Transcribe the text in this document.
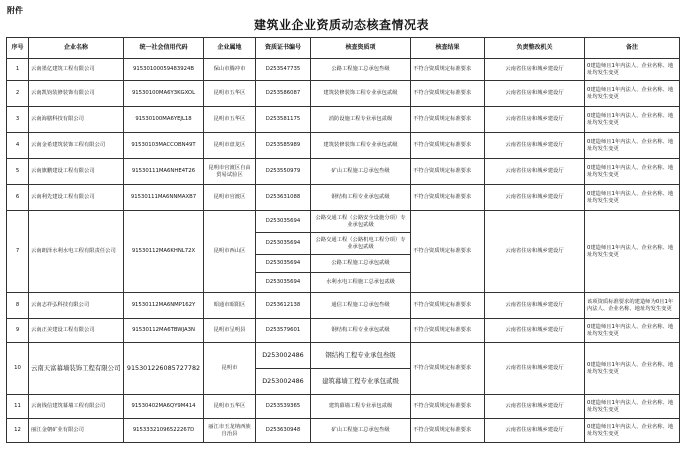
附件
建筑业企业资质动态核查情况表
序号	企业名称	统一社会信用代码	企业属地	资质证书编号	核查资质项	核查结果	负责整改机关	备注
1	云南墨亿建筑工程有限公司	91530100059483924B	保山市腾冲市	D253547735	公路工程施工总承包叁级	不符合资质规定标准要求	云南省住房和城乡建设厅	0建造师且1年内法人、企业名称、地址均发生变更
2	云南凯钧装修装饰有限公司	91530100MA6Y3KGXOL	昆明市五华区	D253586087	建筑装修装饰工程专业承包贰级	不符合资质规定标准要求	云南省住房和城乡建设厅	0建造师且1年内法人、企业名称、地址均发生变更
3	云南海膳科技有限公司	91530100MA6YEJL18	昆明市五华区	D253581175	消防设施工程专业承包贰级	不符合资质规定标准要求	云南省住房和城乡建设厅	0建造师且1年内法人、企业名称、地址均发生变更
4	云南金希建筑装饰工程有限公司	91530103MACCOBN49T	昆明市盘龙区	D253585989	建筑装修装饰工程专业承包贰级	不符合资质规定标准要求	云南省住房和城乡建设厅	0建造师且1年内法人、企业名称、地址均发生变更
5	云南旗鹏建设工程有限公司	91530111MA6NHE4T26	昆明市官渡区自由贸易试验区	D253550979	矿山工程施工总承包叁级	不符合资质规定标准要求	云南省住房和城乡建设厅	0建造师且1年内法人、企业名称、地址均发生变更
6	云南利先建设工程有限公司	91530111MA6NNMAXB7	昆明市官渡区	D253631088	钢结构工程专业承包贰级	不符合资质规定标准要求	云南省住房和城乡建设厅	0建造师且1年内法人、企业名称、地址均发生变更
7	云南朗泽水利水电工程有限责任公司	91530112MA6KHNL72X	昆明市西山区	D253035694	公路交通工程（公路安全设施分项）专业承包贰级	不符合资质规定标准要求	云南省住房和城乡建设厅	0建造师且1年内法人、企业名称、地址均发生变更
				D253035694	公路交通工程（公路机电工程分项）专业承包贰级			
				D253035694	公路工程施工总承包贰级			
				D253035694	水利水电工程施工总承包贰级			
8	云南志祥弘科技有限公司	91530112MA6NMP162Y	昭通市昭阳区	D253612138	通信工程施工总承包叁级	不符合资质规定标准要求	云南省住房和城乡建设厅	该项资质标准要求的建造师为0且1年内法人、企业名称、地址均发生变更
9	云南正美建设工程有限公司	91530112MA6TBWJA3N	昆明市呈明县	D253579601	钢结构工程专业承包贰级	不符合资质规定标准要求	云南省住房和城乡建设厅	0建造师且1年内法人、企业名称、地址均发生变更
10	云南天富幕墙装饰工程有限公司	915301226085727782	昆明市	D253002486	钢结构工程专业承包叁级	不符合资质规定标准要求	云南省住房和城乡建设厅	0建造师且1年内法人、企业名称、地址均发生变更
				D253002486	建筑幕墙工程专业承包贰级			
11	云南钱信建筑幕墙工程有限公司	91530402MA6QY9M414	昆明市五华区	D253539365	建筑幕墙工程专业承包贰级	不符合资质规定标准要求	云南省住房和城乡建设厅	0建造师且1年内法人、企业名称、地址均发生变更
12	丽江金朝矿业有限公司	91533321096522267D	丽江市玉龙纳西族自治县	D253630948	矿山工程施工总承包叁级	不符合资质规定标准要求	云南省住房和城乡建设厅	0建造师且1年内法人、企业名称、地址均发生变更
